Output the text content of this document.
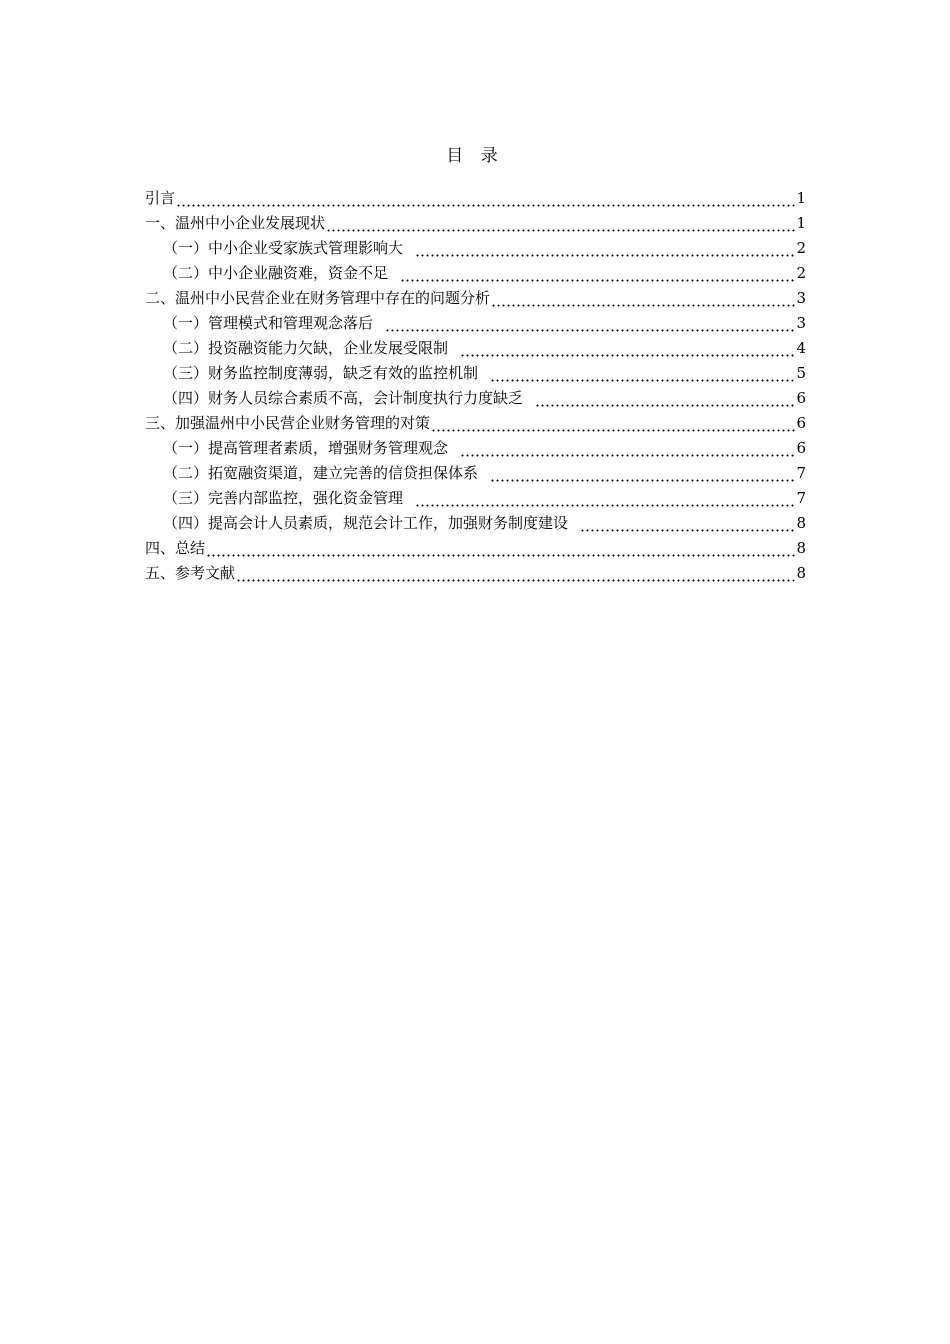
目 录
引言	1
一、温州中小企业发展现状	1
（一）中小企业受家族式管理影响大	2
（二）中小企业融资难，资金不足	2
二、温州中小民营企业在财务管理中存在的问题分析	3
（一）管理模式和管理观念落后	3
（二）投资融资能力欠缺，企业发展受限制	4
（三）财务监控制度薄弱，缺乏有效的监控机制	5
（四）财务人员综合素质不高，会计制度执行力度缺乏	6
三、加强温州中小民营企业财务管理的对策	6
（一）提高管理者素质，增强财务管理观念	6
（二）拓宽融资渠道，建立完善的信贷担保体系	7
（三）完善内部监控，强化资金管理	7
（四）提高会计人员素质，规范会计工作，加强财务制度建设	8
四、总结	8
五、参考文献	8
